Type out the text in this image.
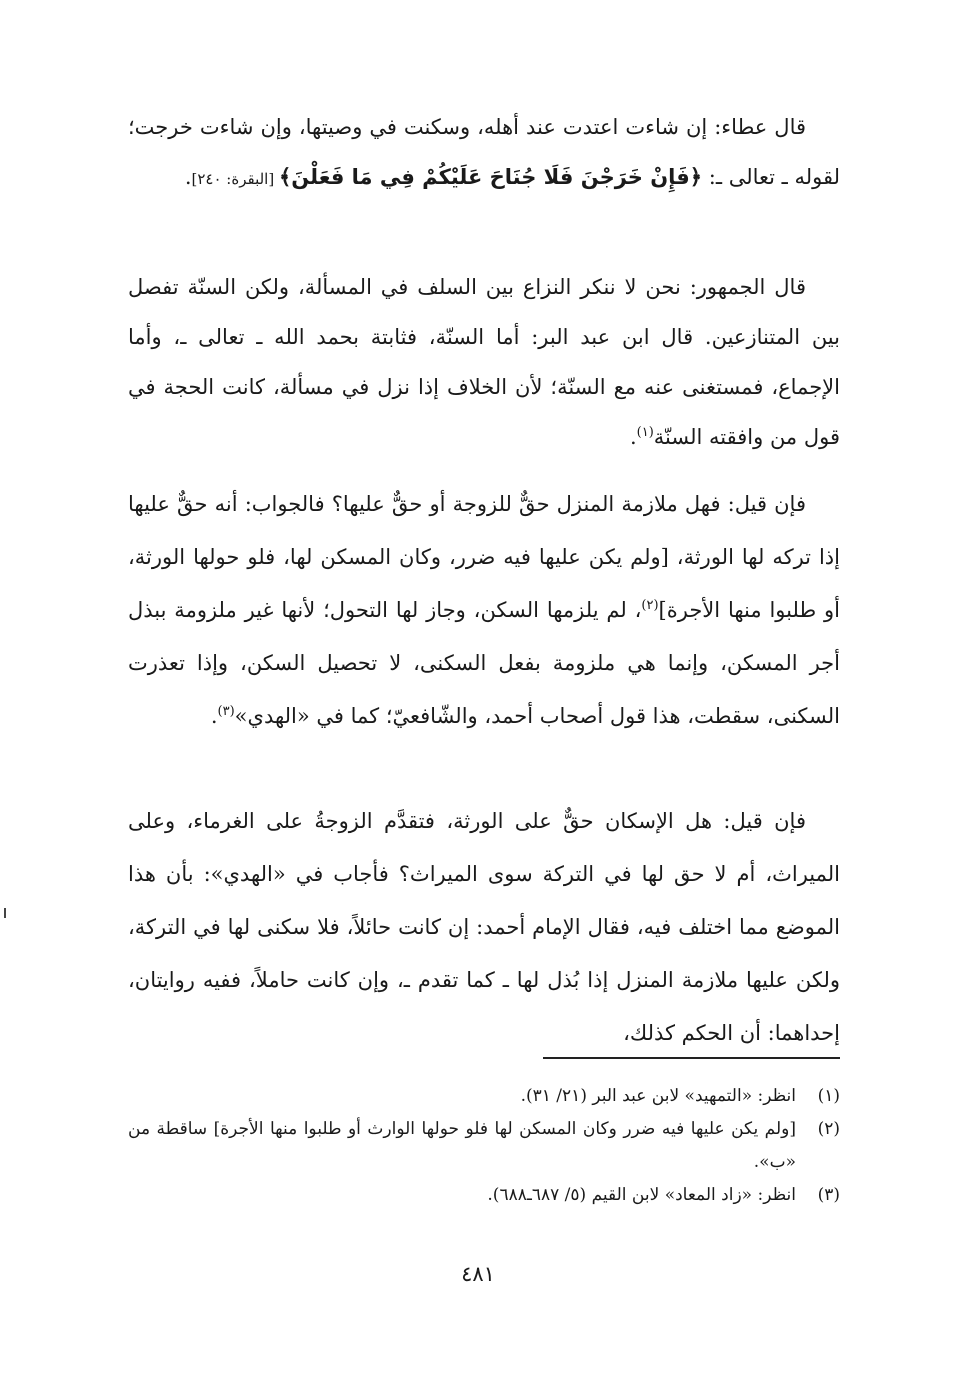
قال عطاء: إن شاءت اعتدت عند أهله، وسكنت في وصيتها، وإن شاءت خرجت؛ لقوله ـ تعالى ـ: ﴿فَإِنْ خَرَجْنَ فَلَا جُنَاحَ عَلَيْكُمْ فِي مَا فَعَلْنَ﴾ [البقرة: ٢٤٠].

قال الجمهور: نحن لا ننكر النزاع بين السلف في المسألة، ولكن السنّة تفصل بين المتنازعين. قال ابن عبد البر: أما السنّة، فثابتة بحمد الله ـ تعالى ـ، وأما الإجماع، فمستغنى عنه مع السنّة؛ لأن الخلاف إذا نزل في مسألة، كانت الحجة في قول من وافقته السنّة$^{(١)}$.

فإن قيل: فهل ملازمة المنزل حقٌّ للزوجة أو حقٌّ عليها؟ فالجواب: أنه حقٌّ عليها إذا تركه لها الورثة، [ولم يكن عليها فيه ضرر، وكان المسكن لها، فلو حولها الورثة، أو طلبوا منها الأجرة]$^{(٢)}$، لم يلزمها السكن، وجاز لها التحول؛ لأنها غير ملزومة ببذل أجر المسكن، وإنما هي ملزومة بفعل السكنى، لا تحصيل السكن، وإذا تعذرت السكنى، سقطت، هذا قول أصحاب أحمد، والشّافعيّ؛ كما في «الهدي»$^{(٣)}$.

فإن قيل: هل الإسكان حقٌّ على الورثة، فتقدَّم الزوجةُ على الغرماء، وعلى الميراث، أم لا حق لها في التركة سوى الميراث؟ فأجاب في «الهدي»: بأن هذا الموضع مما اختلف فيه، فقال الإمام أحمد: إن كانت حائلاً، فلا سكنى لها في التركة، ولكن عليها ملازمة المنزل إذا بُذل لها ـ كما تقدم ـ، وإن كانت حاملاً، ففيه روايتان، إحداهما: أن الحكم كذلك،

(١)
انظر: «التمهيد» لابن عبد البر (٢١/ ٣١).

(٢)
[ولم يكن عليها فيه ضرر وكان المسكن لها فلو حولها الوارث أو طلبوا منها الأجرة] ساقطة من «ب».

(٣)
انظر: «زاد المعاد» لابن القيم (٥/ ٦٨٧ـ٦٨٨).

٤٨١
